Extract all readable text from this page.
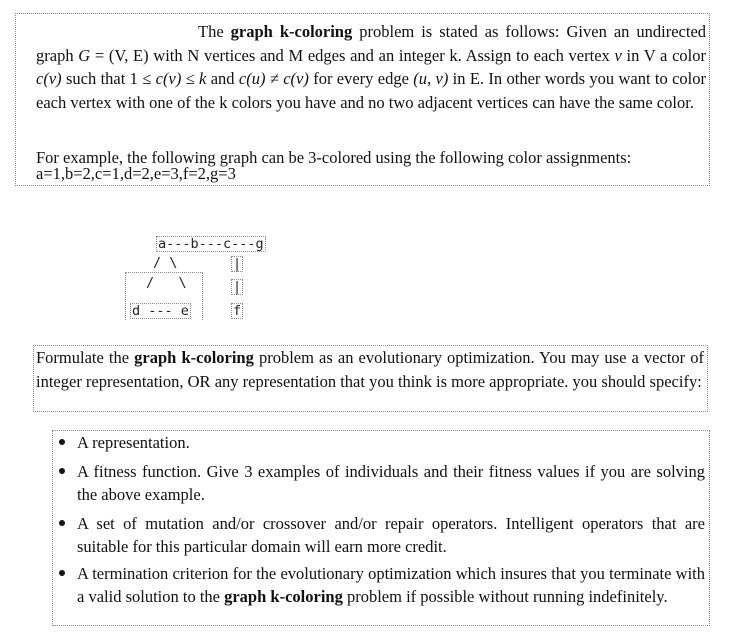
The graph k-coloring problem is stated as follows: Given an undirected graph G = (V, E) with N vertices and M edges and an integer k. Assign to each vertex v in V a color c(v) such that 1 ≤ c(v) ≤ k and c(u) ≠ c(v) for every edge (u, v) in E. In other words you want to color each vertex with one of the k colors you have and no two adjacent vertices can have the same color.

For example, the following graph can be 3-colored using the following color assignments:

a=1,b=2,c=1,d=2,e=3,f=2,g=3

a---b---c---g
/ \
/   \
d --- e
|
|
f

Formulate the graph k-coloring problem as an evolutionary optimization. You may use a vector of integer representation, OR any representation that you think is more appropriate. you should specify:

A representation.
A fitness function. Give 3 examples of individuals and their fitness values if you are solving the above example.
A set of mutation and/or crossover and/or repair operators. Intelligent operators that are suitable for this particular domain will earn more credit.
A termination criterion for the evolutionary optimization which insures that you terminate with a valid solution to the graph k-coloring problem if possible without running indefinitely.
